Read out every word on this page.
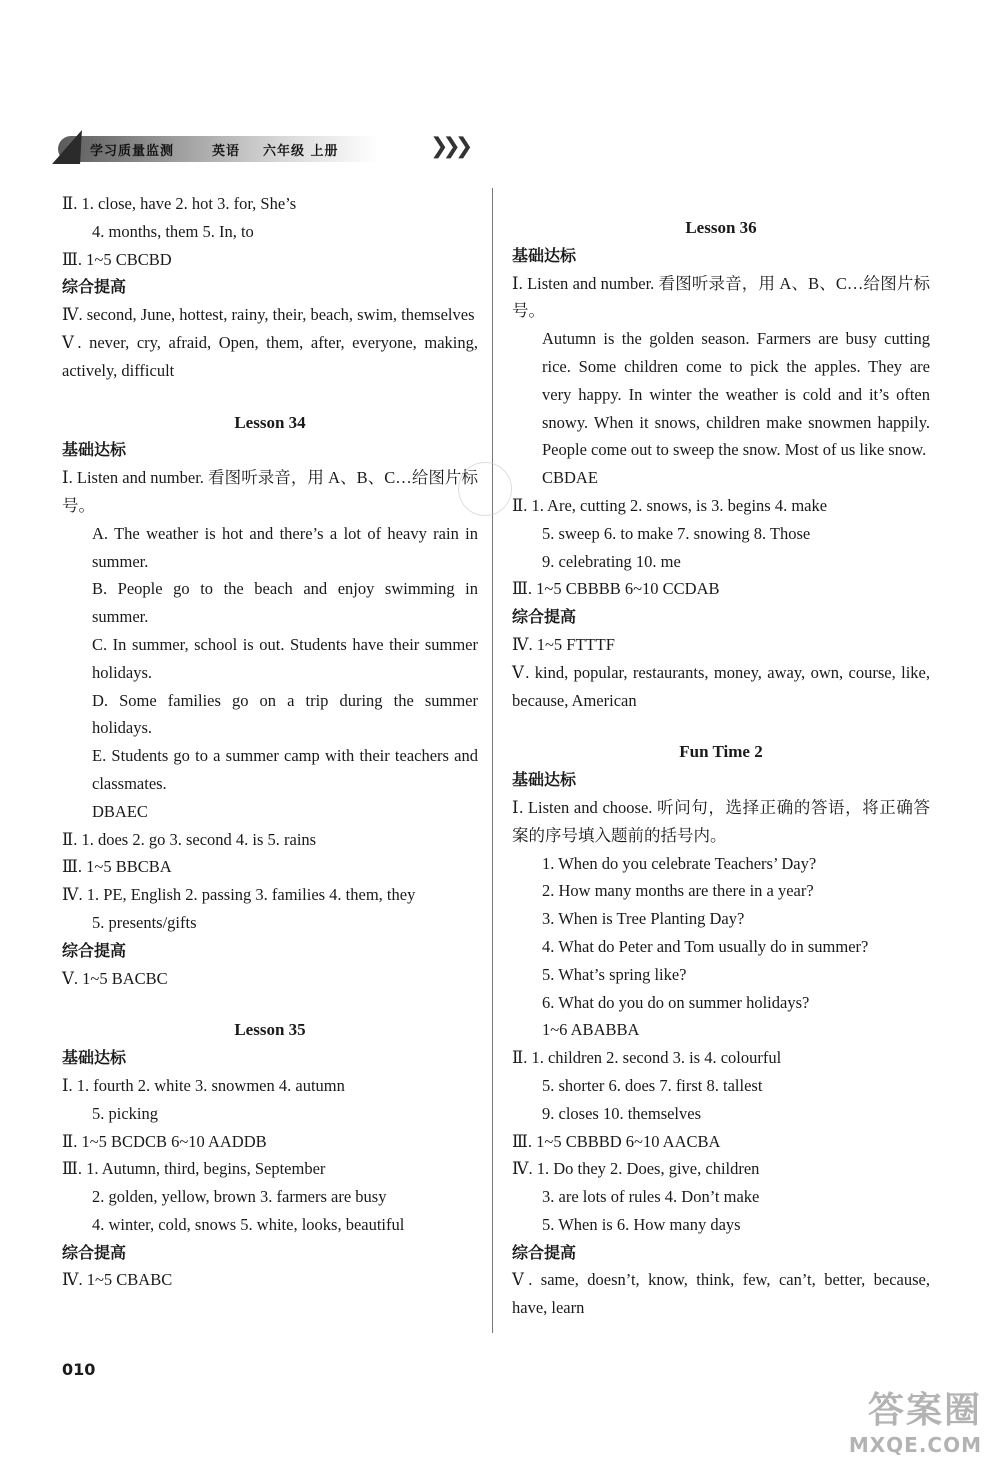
学习质量监测	英语 六年级 上册	❯❯❯
Ⅱ. 1. close, have 2. hot 3. for, She’s
4. months, them 5. In, to
Ⅲ. 1~5 CBCBD
综合提高
Ⅳ. second, June, hottest, rainy, their, beach, swim, themselves
Ⅴ. never, cry, afraid, Open, them, after, everyone, making, actively, difficult
Lesson 34
基础达标
Ⅰ. Listen and number. 看图听录音，用 A、B、C…给图片标号。
A. The weather is hot and there’s a lot of heavy rain in summer.
B. People go to the beach and enjoy swimming in summer.
C. In summer, school is out. Students have their summer holidays.
D. Some families go on a trip during the summer holidays.
E. Students go to a summer camp with their teachers and classmates.
DBAEC
Ⅱ. 1. does 2. go 3. second 4. is 5. rains
Ⅲ. 1~5 BBCBA
Ⅳ. 1. PE, English 2. passing 3. families 4. them, they
5. presents/gifts
综合提高
Ⅴ. 1~5 BACBC
Lesson 35
基础达标
Ⅰ. 1. fourth 2. white 3. snowmen 4. autumn
5. picking
Ⅱ. 1~5 BCDCB 6~10 AADDB
Ⅲ. 1. Autumn, third, begins, September
2. golden, yellow, brown 3. farmers are busy
4. winter, cold, snows 5. white, looks, beautiful
综合提高
Ⅳ. 1~5 CBABC
Lesson 36
基础达标
Ⅰ. Listen and number. 看图听录音，用 A、B、C…给图片标号。
Autumn is the golden season. Farmers are busy cutting rice. Some children come to pick the apples. They are very happy. In winter the weather is cold and it’s often snowy. When it snows, children make snowmen happily. People come out to sweep the snow. Most of us like snow.
CBDAE
Ⅱ. 1. Are, cutting 2. snows, is 3. begins 4. make
5. sweep 6. to make 7. snowing 8. Those
9. celebrating 10. me
Ⅲ. 1~5 CBBBB 6~10 CCDAB
综合提高
Ⅳ. 1~5 FTTTF
Ⅴ. kind, popular, restaurants, money, away, own, course, like, because, American
Fun Time 2
基础达标
Ⅰ. Listen and choose. 听问句，选择正确的答语，将正确答案的序号填入题前的括号内。
1. When do you celebrate Teachers’ Day?
2. How many months are there in a year?
3. When is Tree Planting Day?
4. What do Peter and Tom usually do in summer?
5. What’s spring like?
6. What do you do on summer holidays?
1~6 ABABBA
Ⅱ. 1. children 2. second 3. is 4. colourful
5. shorter 6. does 7. first 8. tallest
9. closes 10. themselves
Ⅲ. 1~5 CBBBD 6~10 AACBA
Ⅳ. 1. Do they 2. Does, give, children
3. are lots of rules 4. Don’t make
5. When is 6. How many days
综合提高
Ⅴ. same, doesn’t, know, think, few, can’t, better, because, have, learn
010
答案圈
MXQE.COM
